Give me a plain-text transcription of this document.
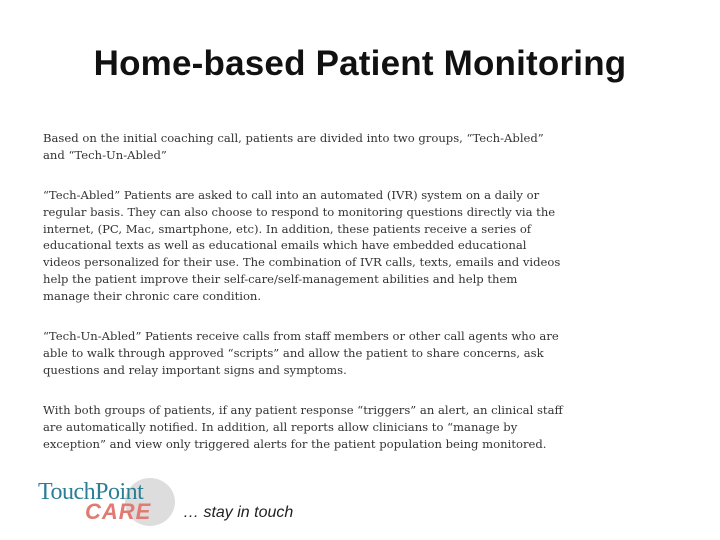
Home-based Patient Monitoring
Based on the initial coaching call, patients are divided into two groups, “Tech-Abled”
and “Tech-Un-Abled”
“Tech-Abled” Patients are asked to call into an automated (IVR) system on a daily or
regular basis. They can also choose to respond to monitoring questions directly via the
internet, (PC, Mac, smartphone, etc). In addition, these patients receive a series of
educational texts as well as educational emails which have embedded educational
videos personalized for their use. The combination of IVR calls, texts, emails and videos
help the patient improve their self-care/self-management abilities and help them
manage their chronic care condition.
“Tech-Un-Abled” Patients receive calls from staff members or other call agents who are
able to walk through approved “scripts” and allow the patient to share concerns, ask
questions and relay important signs and symptoms.
With both groups of patients, if any patient response “triggers” an alert, an clinical staff
are automatically notified. In addition, all reports allow clinicians to “manage by
exception” and view only triggered alerts for the patient population being monitored.
TouchPoint
CARE … stay in touch
